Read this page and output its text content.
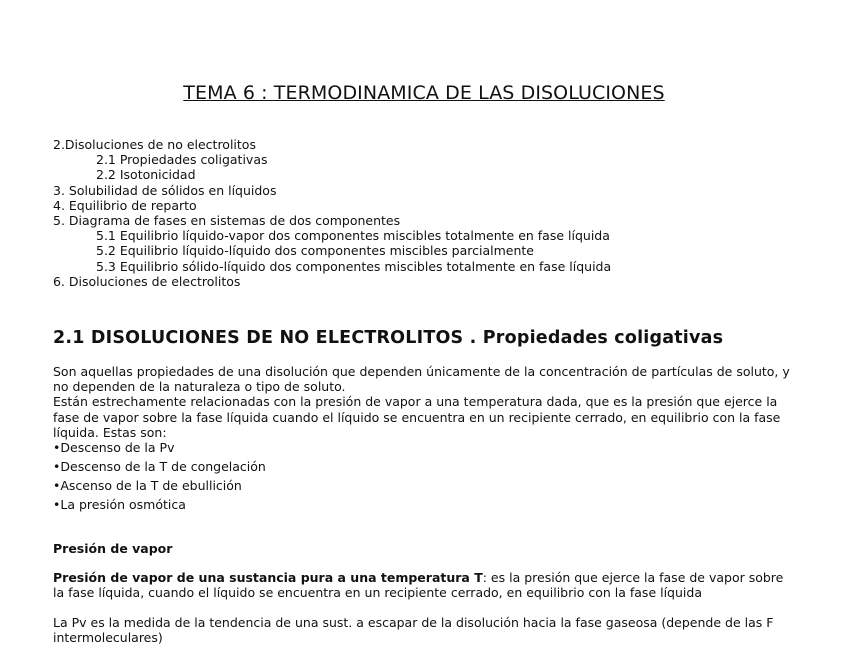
TEMA 6 : TERMODINAMICA DE LAS DISOLUCIONES
2.Disoluciones de no electrolitos
2.1 Propiedades coligativas
2.2 Isotonicidad
3. Solubilidad de sólidos en líquidos
4. Equilibrio de reparto
5. Diagrama de fases en sistemas de dos componentes
5.1 Equilibrio líquido-vapor dos componentes miscibles totalmente en fase líquida
5.2 Equilibrio líquido-líquido dos componentes miscibles parcialmente
5.3 Equilibrio sólido-líquido dos componentes miscibles totalmente en fase líquida
6. Disoluciones de electrolitos
2.1 DISOLUCIONES DE NO ELECTROLITOS . Propiedades coligativas
Son aquellas propiedades de una disolución que dependen únicamente de la concentración de partículas de soluto, y no dependen de la naturaleza o tipo de soluto.
Están estrechamente relacionadas con la presión de vapor a una temperatura dada, que es la presión que ejerce la fase de vapor sobre la fase líquida cuando el líquido se encuentra en un recipiente cerrado, en equilibrio con la fase líquida. Estas son:
•Descenso de la Pv
•Descenso de la T de congelación
•Ascenso de la T de ebullición
•La presión osmótica
Presión de vapor
Presión de vapor de una sustancia pura a una temperatura T: es la presión que ejerce la fase de vapor sobre la fase líquida, cuando el líquido se encuentra en un recipiente cerrado, en equilibrio con la fase líquida
La Pv es la medida de la tendencia de una sust. a escapar de la disolución hacia la fase gaseosa (depende de las F intermoleculares)
